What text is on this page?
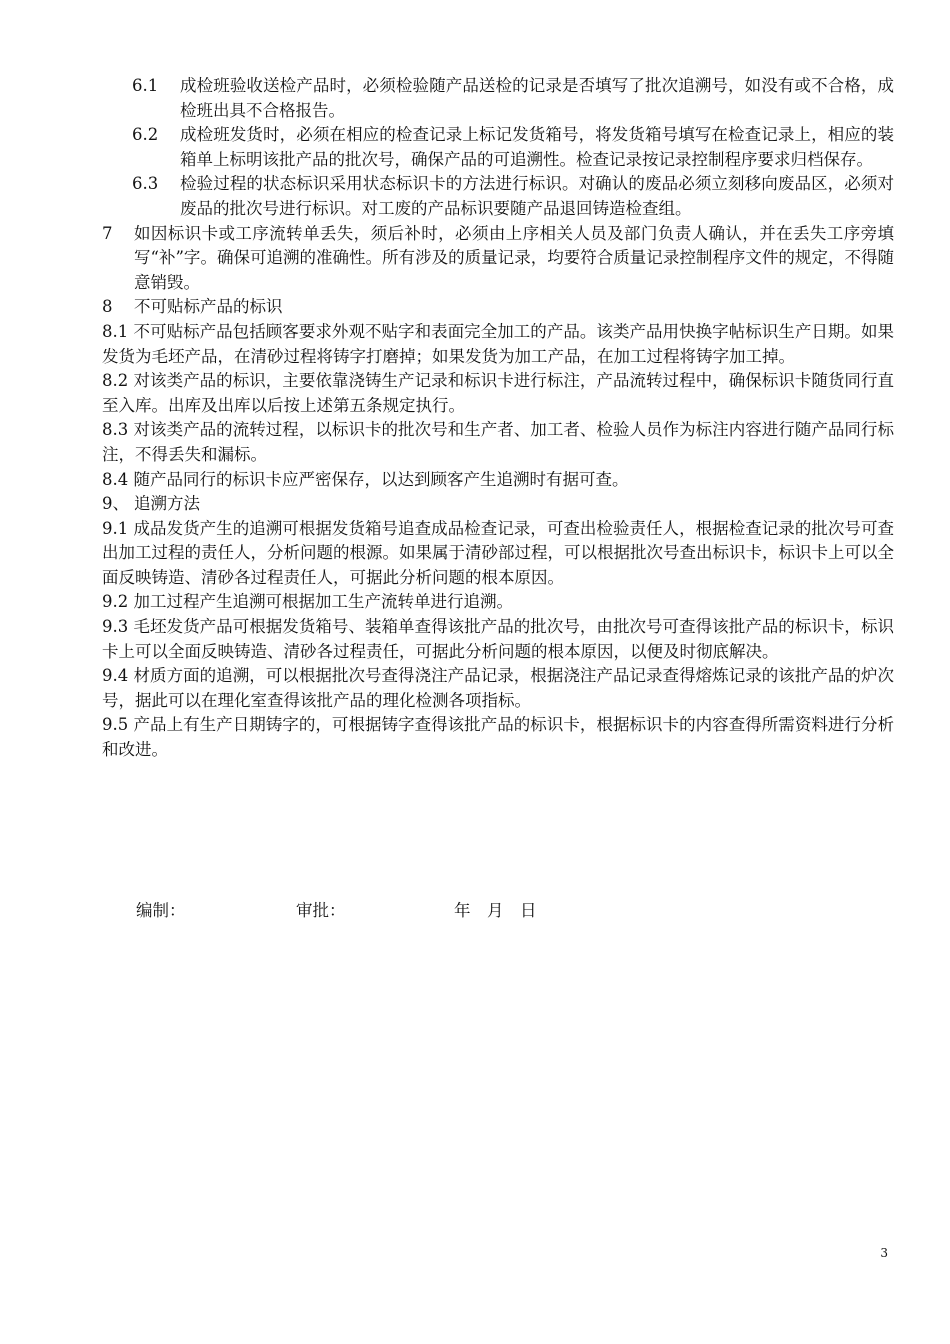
6.1	成检班验收送检产品时，必须检验随产品送检的记录是否填写了批次追溯号，如没有或不合格，成检班出具不合格报告。
6.2	成检班发货时，必须在相应的检查记录上标记发货箱号，将发货箱号填写在检查记录上，相应的装箱单上标明该批产品的批次号，确保产品的可追溯性。检查记录按记录控制程序要求归档保存。
6.3	检验过程的状态标识采用状态标识卡的方法进行标识。对确认的废品必须立刻移向废品区，必须对废品的批次号进行标识。对工废的产品标识要随产品退回铸造检查组。
7	如因标识卡或工序流转单丢失，须后补时，必须由上序相关人员及部门负责人确认，并在丢失工序旁填写“补”字。确保可追溯的准确性。所有涉及的质量记录，均要符合质量记录控制程序文件的规定，不得随意销毁。
8	不可贴标产品的标识
8.1 不可贴标产品包括顾客要求外观不贴字和表面完全加工的产品。该类产品用快换字帖标识生产日期。如果发货为毛坯产品，在清砂过程将铸字打磨掉；如果发货为加工产品，在加工过程将铸字加工掉。
8.2 对该类产品的标识，主要依靠浇铸生产记录和标识卡进行标注，产品流转过程中，确保标识卡随货同行直至入库。出库及出库以后按上述第五条规定执行。
8.3 对该类产品的流转过程，以标识卡的批次号和生产者、加工者、检验人员作为标注内容进行随产品同行标注，不得丢失和漏标。
8.4 随产品同行的标识卡应严密保存，以达到顾客产生追溯时有据可查。
9、 追溯方法
9.1 成品发货产生的追溯可根据发货箱号追查成品检查记录，可查出检验责任人，根据检查记录的批次号可查出加工过程的责任人，分析问题的根源。如果属于清砂部过程，可以根据批次号查出标识卡，标识卡上可以全面反映铸造、清砂各过程责任人，可据此分析问题的根本原因。
9.2 加工过程产生追溯可根据加工生产流转单进行追溯。
9.3 毛坯发货产品可根据发货箱号、装箱单查得该批产品的批次号，由批次号可查得该批产品的标识卡，标识卡上可以全面反映铸造、清砂各过程责任，可据此分析问题的根本原因，以便及时彻底解决。
9.4 材质方面的追溯，可以根据批次号查得浇注产品记录，根据浇注产品记录查得熔炼记录的该批产品的炉次号，据此可以在理化室查得该批产品的理化检测各项指标。
9.5 产品上有生产日期铸字的，可根据铸字查得该批产品的标识卡，根据标识卡的内容查得所需资料进行分析和改进。
编制：	审批：	年　月　日
3
